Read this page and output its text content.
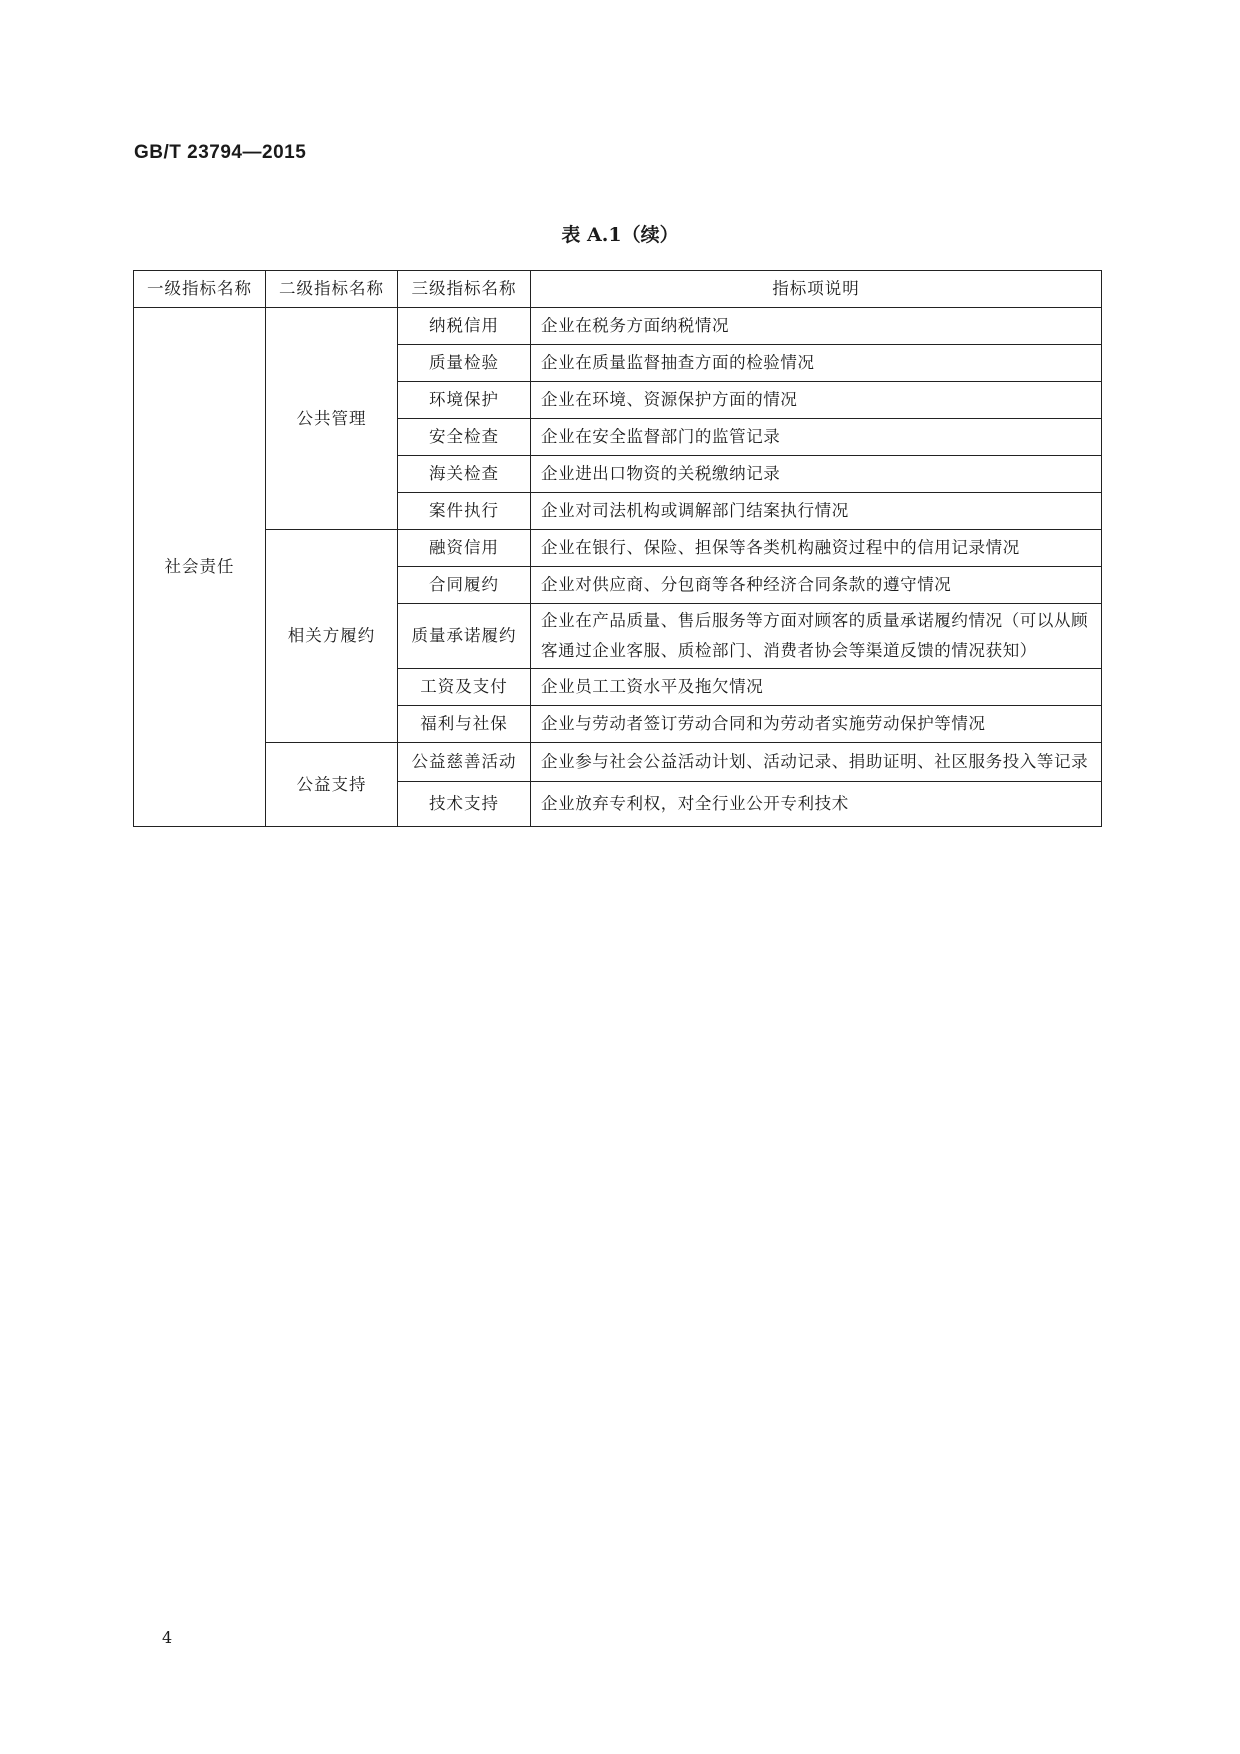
GB/T 23794—2015
表 A.1（续）
一级指标名称	二级指标名称	三级指标名称	指标项说明
社会责任	公共管理	纳税信用	企业在税务方面纳税情况
		质量检验	企业在质量监督抽查方面的检验情况
		环境保护	企业在环境、资源保护方面的情况
		安全检查	企业在安全监督部门的监管记录
		海关检查	企业进出口物资的关税缴纳记录
		案件执行	企业对司法机构或调解部门结案执行情况
	相关方履约	融资信用	企业在银行、保险、担保等各类机构融资过程中的信用记录情况
		合同履约	企业对供应商、分包商等各种经济合同条款的遵守情况
		质量承诺履约	企业在产品质量、售后服务等方面对顾客的质量承诺履约情况（可以从顾客通过企业客服、质检部门、消费者协会等渠道反馈的情况获知）
		工资及支付	企业员工工资水平及拖欠情况
		福利与社保	企业与劳动者签订劳动合同和为劳动者实施劳动保护等情况
	公益支持	公益慈善活动	企业参与社会公益活动计划、活动记录、捐助证明、社区服务投入等记录
		技术支持	企业放弃专利权，对全行业公开专利技术
4
